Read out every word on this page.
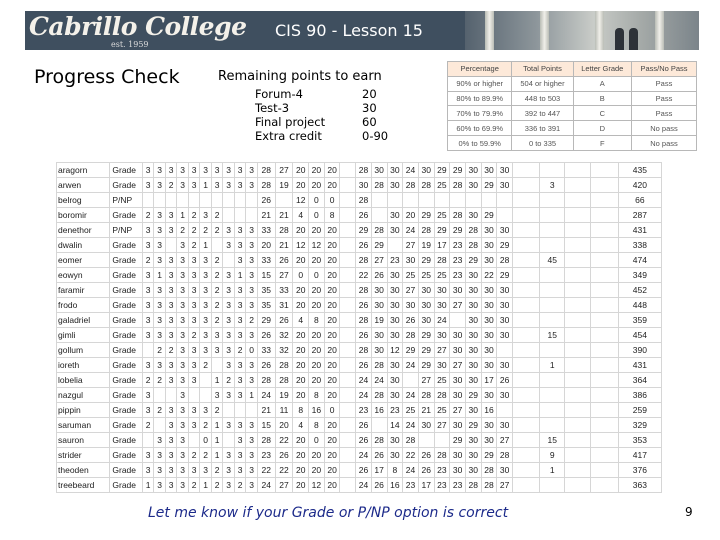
Cabrillo College
est. 1959
CIS 90 - Lesson 15
Progress Check	Remaining points to earn
Forum-4	20
Test-3	30
Final project	60
Extra credit	0-90
Percentage	Total Points	Letter Grade	Pass/No Pass
90% or higher	504 or higher	A	Pass
80% to 89.9%	448 to 503	B	Pass
70% to 79.9%	392 to 447	C	Pass
60% to 69.9%	336 to 391	D	No pass
0% to 59.9%	0 to 335	F	No pass
aragorn	Grade	3	3	3	3	3	3	3	3	3	3	28	27	20	20	20		28	30	30	24	30	29	29	30	30	30					435
arwen	Grade	3	3	2	3	3	1	3	3	3	3	28	19	20	20	20		30	28	30	28	28	25	28	30	29	30		3			420
belrog	P/NP											26		12	0	0		28														66
boromir	Grade	2	3	3	1	2	3	2				21	21	4	0	8		26		30	20	29	25	28	30	29						287
denethor	P/NP	3	3	3	2	2	2	2	3	3	3	33	28	20	20	20		29	28	30	24	28	29	29	28	30	30					431
dwalin	Grade	3	3		3	2	1		3	3	3	20	21	12	12	20		26	29		27	19	17	23	28	30	29					338
eomer	Grade	2	3	3	3	3	3	2		3	3	33	26	20	20	20		28	27	23	30	29	28	23	29	30	28		45			474
eowyn	Grade	3	1	3	3	3	3	2	3	1	3	15	27	0	0	20		22	26	30	25	25	25	23	30	22	29					349
faramir	Grade	3	3	3	3	3	3	2	3	3	3	35	33	20	20	20		28	30	30	27	30	30	30	30	30	30					452
frodo	Grade	3	3	3	3	3	3	2	3	3	3	35	31	20	20	20		26	30	30	30	30	30	27	30	30	30					448
galadriel	Grade	3	3	3	3	3	3	2	3	3	2	29	26	4	8	20		28	19	30	26	30	24		30	30	30					359
gimli	Grade	3	3	3	3	2	3	3	3	3	3	26	32	20	20	20		26	30	30	28	29	30	30	30	30	30		15			454
gollum	Grade		2	2	3	3	3	3	3	2	0	33	32	20	20	20		28	30	12	29	29	27	30	30	30						390
ioreth	Grade	3	3	3	3	3	2		3	3	3	26	28	20	20	20		26	28	30	24	29	30	27	30	30	30		1			431
lobelia	Grade	2	2	3	3	3		1	2	3	3	28	28	20	20	20		24	24	30		27	25	30	30	17	26					364
nazgul	Grade	3			3			3	3	3	1	24	19	20	8	20		24	28	30	24	28	28	30	29	30	30					386
pippin	Grade	3	2	3	3	3	3	2				21	11	8	16	0		23	16	23	25	21	25	27	30	16						259
saruman	Grade	2		3	3	3	2	1	3	3	3	15	20	4	8	20		26		14	24	30	27	30	29	30	30					329
sauron	Grade		3	3	3		0	1		3	3	28	22	20	0	20		26	28	30	28			29	30	30	27		15			353
strider	Grade	3	3	3	3	2	2	1	3	3	3	23	26	20	20	20		24	26	30	22	26	28	30	30	29	28		9			417
theoden	Grade	3	3	3	3	3	3	2	3	3	3	22	22	20	20	20		26	17	8	24	26	23	30	30	28	30		1			376
treebeard	Grade	1	3	3	3	2	1	2	3	2	3	24	27	20	12	20		24	26	16	23	17	23	23	28	28	27					363
Let me know if your Grade or P/NP option is correct	9
